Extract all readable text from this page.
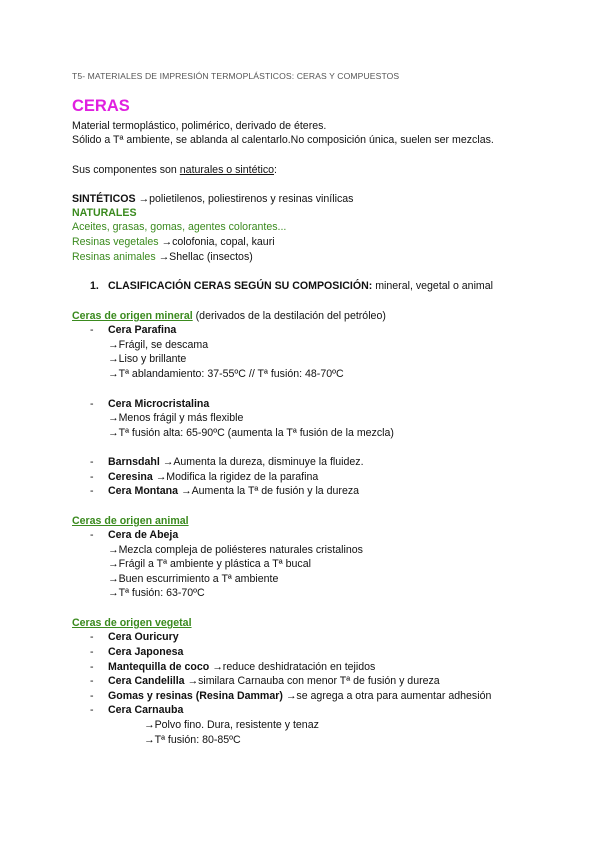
T5- MATERIALES DE IMPRESIÓN TERMOPLÁSTICOS: CERAS Y COMPUESTOS
CERAS
Material termoplástico, polimérico, derivado de éteres.
Sólido a Tª ambiente, se ablanda al calentarlo.No composición única, suelen ser mezclas.
Sus componentes son naturales o sintético:
SINTÉTICOS →polietilenos, poliestirenos y resinas vinílicas
NATURALES
Aceites, grasas, gomas, agentes colorantes...
Resinas vegetales →colofonia, copal, kauri
Resinas animales →Shellac (insectos)
1. CLASIFICACIÓN CERAS SEGÚN SU COMPOSICIÓN: mineral, vegetal o animal
Ceras de origen mineral (derivados de la destilación del petróleo)
- Cera Parafina
→Frágil, se descama
→Liso y brillante
→Tª ablandamiento: 37-55ºC // Tª fusión: 48-70ºC
- Cera Microcristalina
→Menos frágil y más flexible
→Tª fusión alta: 65-90ºC (aumenta la Tª fusión de la mezcla)
- Barnsdahl →Aumenta la dureza, disminuye la fluidez.
- Ceresina →Modifica la rigidez de la parafina
- Cera Montana →Aumenta la Tª de fusión y la dureza
Ceras de origen animal
- Cera de Abeja
→Mezcla compleja de poliésteres naturales cristalinos
→Frágil a Tª ambiente y plástica a Tª bucal
→Buen escurrimiento a Tª ambiente
→Tª fusión: 63-70ºC
Ceras de origen vegetal
- Cera Ouricury
- Cera Japonesa
- Mantequilla de coco →reduce deshidratación en tejidos
- Cera Candelilla →similara Carnauba con menor Tª de fusión y dureza
- Gomas y resinas (Resina Dammar) →se agrega a otra para aumentar adhesión
- Cera Carnauba
→Polvo fino. Dura, resistente y tenaz
→Tª fusión: 80-85ºC
